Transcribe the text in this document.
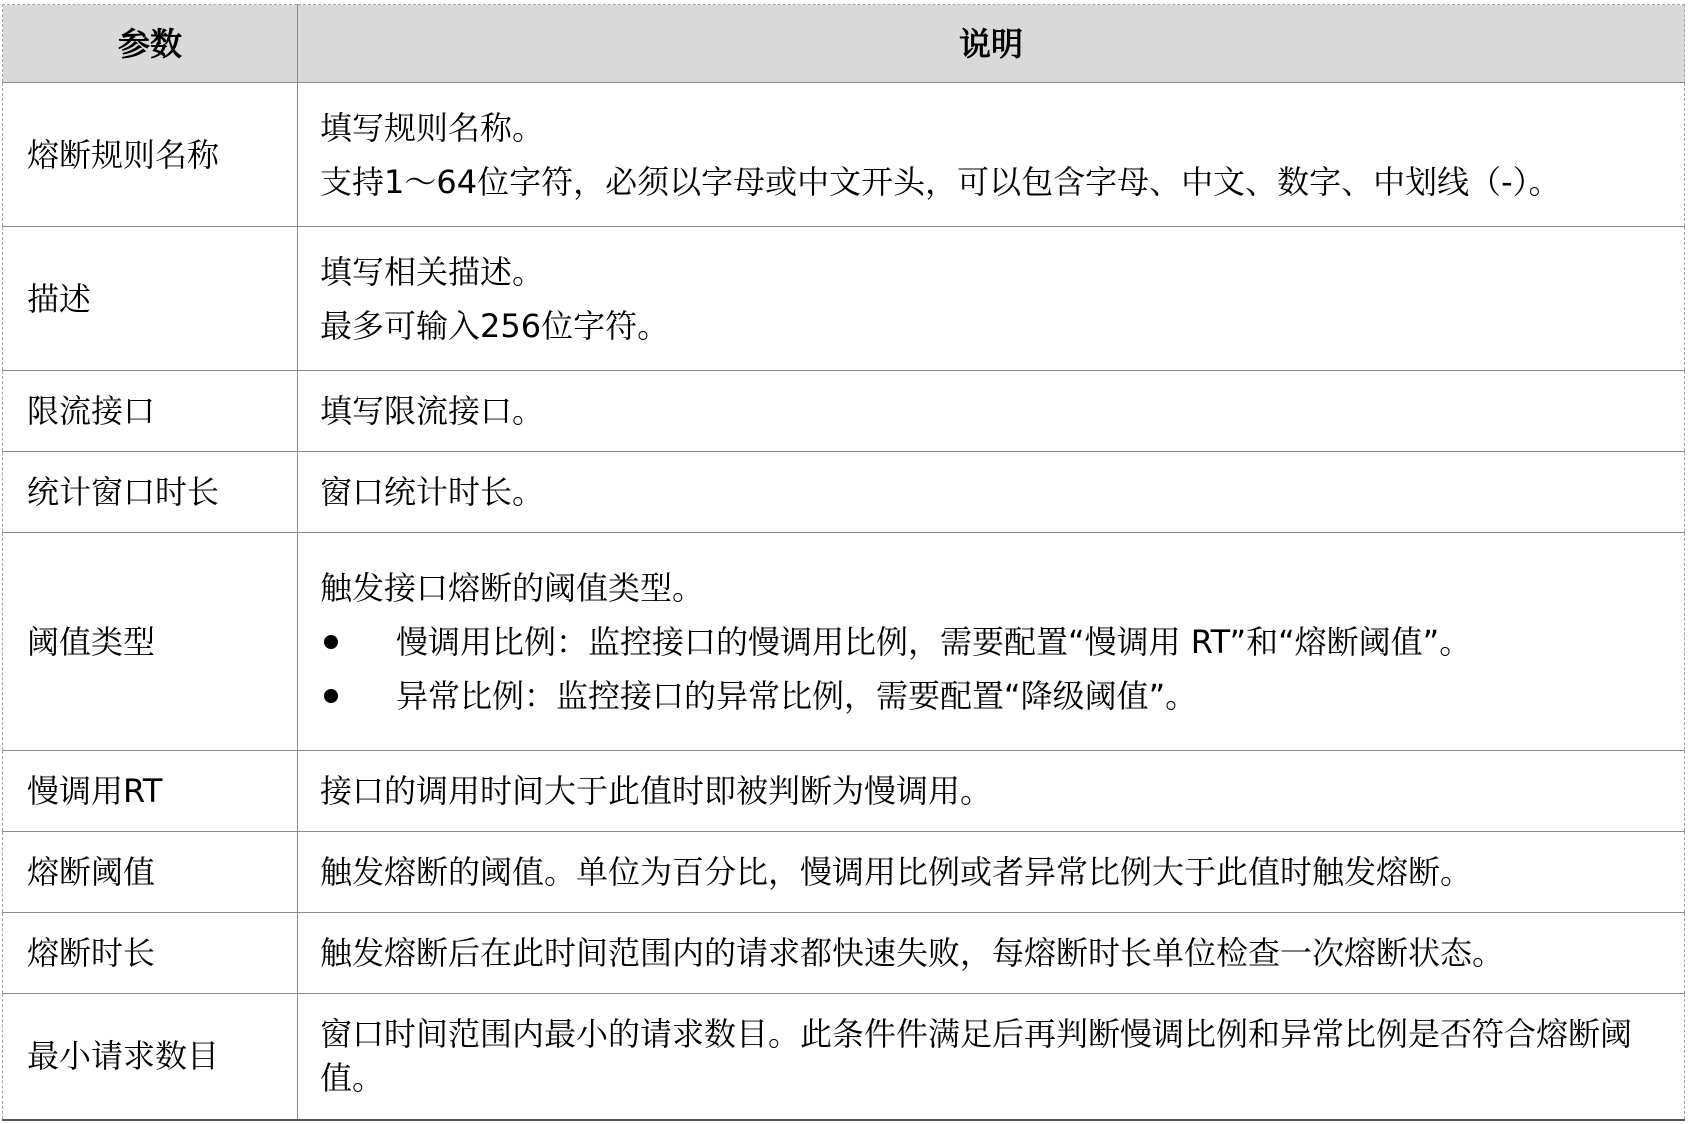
参数	说明
熔断规则名称	填写规则名称。
支持1～64位字符，必须以字母或中文开头，可以包含字母、中文、数字、中划线（-）。

描述	填写相关描述。
最多可输入256位字符。

限流接口	填写限流接口。

统计窗口时长	窗口统计时长。

阈值类型	触发接口熔断的阈值类型。
慢调用比例：监控接口的慢调用比例，需要配置“慢调用 RT”和“熔断阈值”。
异常比例：监控接口的异常比例，需要配置“降级阈值”。

慢调用RT	接口的调用时间大于此值时即被判断为慢调用。

熔断阈值	触发熔断的阈值。单位为百分比，慢调用比例或者异常比例大于此值时触发熔断。

熔断时长	触发熔断后在此时间范围内的请求都快速失败，每熔断时长单位检查一次熔断状态。

最小请求数目	窗口时间范围内最小的请求数目。此条件件满足后再判断慢调比例和异常比例是否符合熔断阈值。
